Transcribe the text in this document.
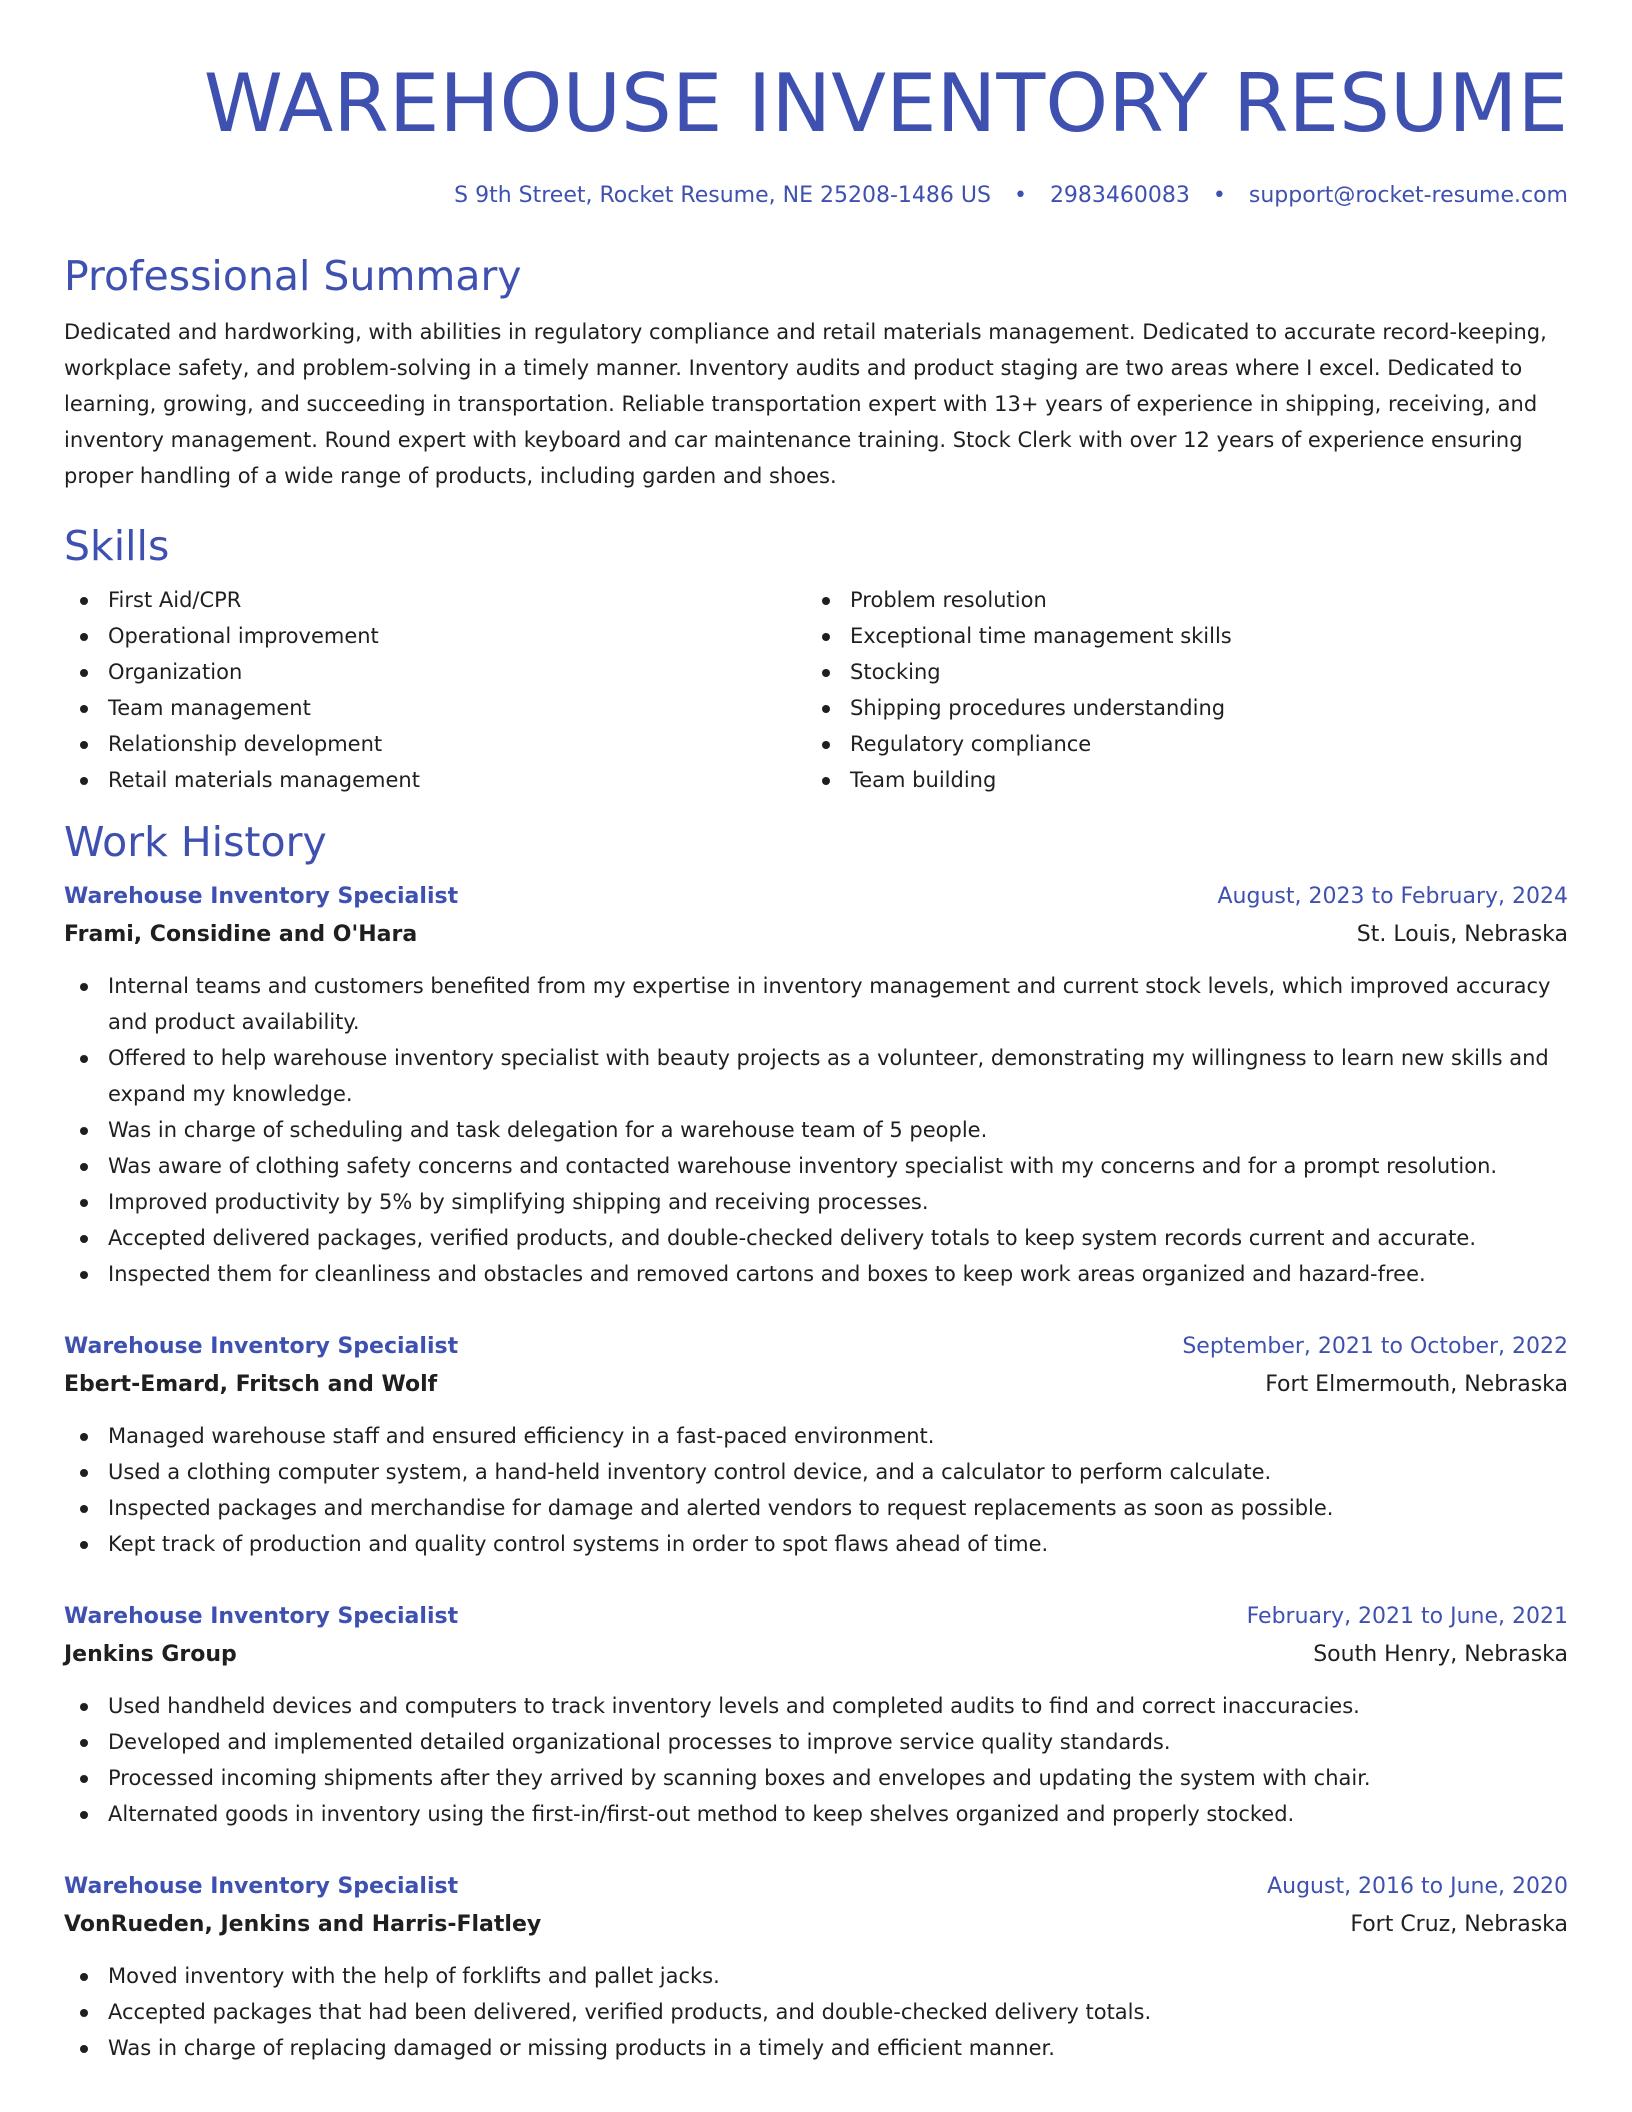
WAREHOUSE INVENTORY RESUME
S 9th Street, Rocket Resume, NE 25208-1486 US • 2983460083 • support@rocket-resume.com
Professional Summary

Dedicated and hardworking, with abilities in regulatory compliance and retail materials management. Dedicated to accurate record-keeping, workplace safety, and problem-solving in a timely manner. Inventory audits and product staging are two areas where I excel. Dedicated to learning, growing, and succeeding in transportation. Reliable transportation expert with 13+ years of experience in shipping, receiving, and inventory management. Round expert with keyboard and car maintenance training. Stock Clerk with over 12 years of experience ensuring proper handling of a wide range of products, including garden and shoes.

Skills
First Aid/CPR
Operational improvement
Organization
Team management
Relationship development
Retail materials management
Problem resolution
Exceptional time management skills
Stocking
Shipping procedures understanding
Regulatory compliance
Team building
Work History
Warehouse Inventory Specialist	August, 2023 to February, 2024
Frami, Considine and O'Hara	St. Louis, Nebraska
Internal teams and customers benefited from my expertise in inventory management and current stock levels, which improved accuracy and product availability.
Offered to help warehouse inventory specialist with beauty projects as a volunteer, demonstrating my willingness to learn new skills and expand my knowledge.
Was in charge of scheduling and task delegation for a warehouse team of 5 people.
Was aware of clothing safety concerns and contacted warehouse inventory specialist with my concerns and for a prompt resolution.
Improved productivity by 5% by simplifying shipping and receiving processes.
Accepted delivered packages, verified products, and double-checked delivery totals to keep system records current and accurate.
Inspected them for cleanliness and obstacles and removed cartons and boxes to keep work areas organized and hazard-free.
Warehouse Inventory Specialist	September, 2021 to October, 2022
Ebert-Emard, Fritsch and Wolf	Fort Elmermouth, Nebraska
Managed warehouse staff and ensured efficiency in a fast-paced environment.
Used a clothing computer system, a hand-held inventory control device, and a calculator to perform calculate.
Inspected packages and merchandise for damage and alerted vendors to request replacements as soon as possible.
Kept track of production and quality control systems in order to spot flaws ahead of time.
Warehouse Inventory Specialist	February, 2021 to June, 2021
Jenkins Group	South Henry, Nebraska
Used handheld devices and computers to track inventory levels and completed audits to find and correct inaccuracies.
Developed and implemented detailed organizational processes to improve service quality standards.
Processed incoming shipments after they arrived by scanning boxes and envelopes and updating the system with chair.
Alternated goods in inventory using the first-in/first-out method to keep shelves organized and properly stocked.
Warehouse Inventory Specialist	August, 2016 to June, 2020
VonRueden, Jenkins and Harris-Flatley	Fort Cruz, Nebraska
Moved inventory with the help of forklifts and pallet jacks.
Accepted packages that had been delivered, verified products, and double-checked delivery totals.
Was in charge of replacing damaged or missing products in a timely and efficient manner.
